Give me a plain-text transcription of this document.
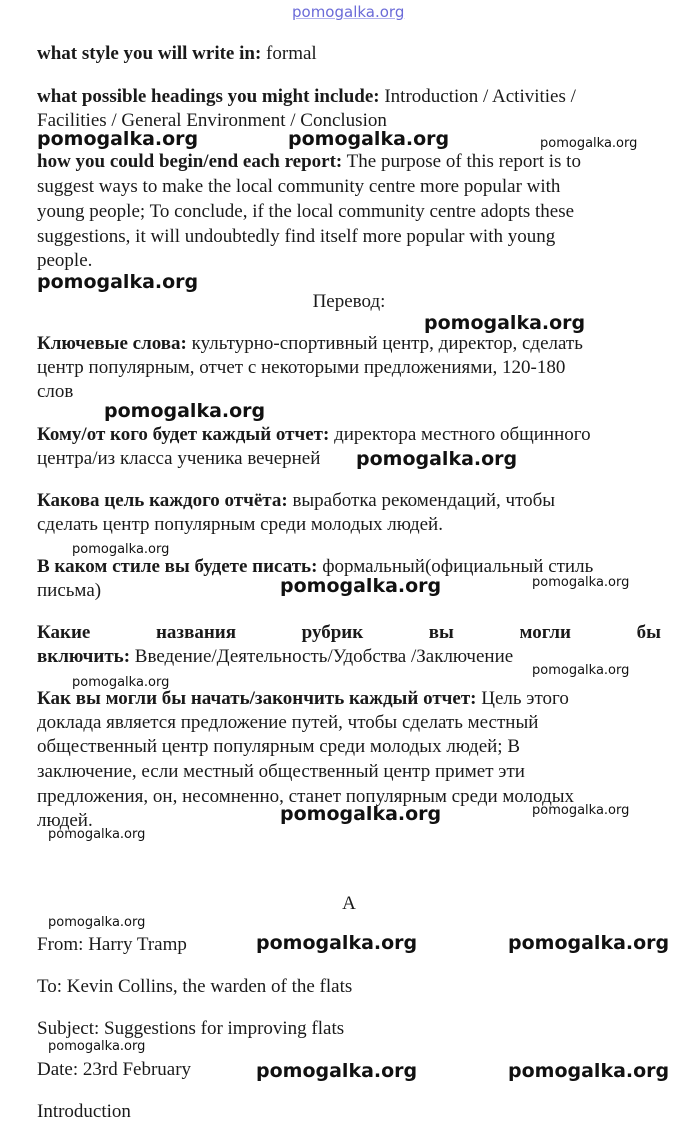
pomogalka.org
what style you will write in: formal
what possible headings you might include: Introduction / Activities /
Facilities / General Environment / Conclusion
how you could begin/end each report: The purpose of this report is to
suggest ways to make the local community centre more popular with
young people; To conclude, if the local community centre adopts these
suggestions, it will undoubtedly find itself more popular with young
people.
Перевод:
Ключевые слова: культурно-спортивный центр, директор, сделать
центр популярным, отчет с некоторыми предложениями, 120-180
слов
Кому/от кого будет каждый отчет: директора местного общинного
центра/из класса ученика вечерней
Какова цель каждого отчёта: выработка рекомендаций, чтобы
сделать центр популярным среди молодых людей.
В каком стиле вы будете писать: формальный(официальный стиль
письма)
Какие	названия	рубрик	вы	могли	бы
включить: Введение/Деятельность/Удобства /Заключение
Как вы могли бы начать/закончить каждый отчет: Цель этого
доклада является предложение путей, чтобы сделать местный
общественный центр популярным среди молодых людей; В
заключение, если местный общественный центр примет эти
предложения, он, несомненно, станет популярным среди молодых
людей.
A
From: Harry Tramp
To: Kevin Collins, the warden of the flats
Subject: Suggestions for improving flats
Date: 23rd February
Introduction
pomogalka.org	pomogalka.org	pomogalka.org
pomogalka.org
pomogalka.org
pomogalka.org
pomogalka.org
pomogalka.org
pomogalka.org	pomogalka.org
pomogalka.org
pomogalka.org
pomogalka.org	pomogalka.org
pomogalka.org
pomogalka.org
pomogalka.org	pomogalka.org
pomogalka.org
pomogalka.org	pomogalka.org
